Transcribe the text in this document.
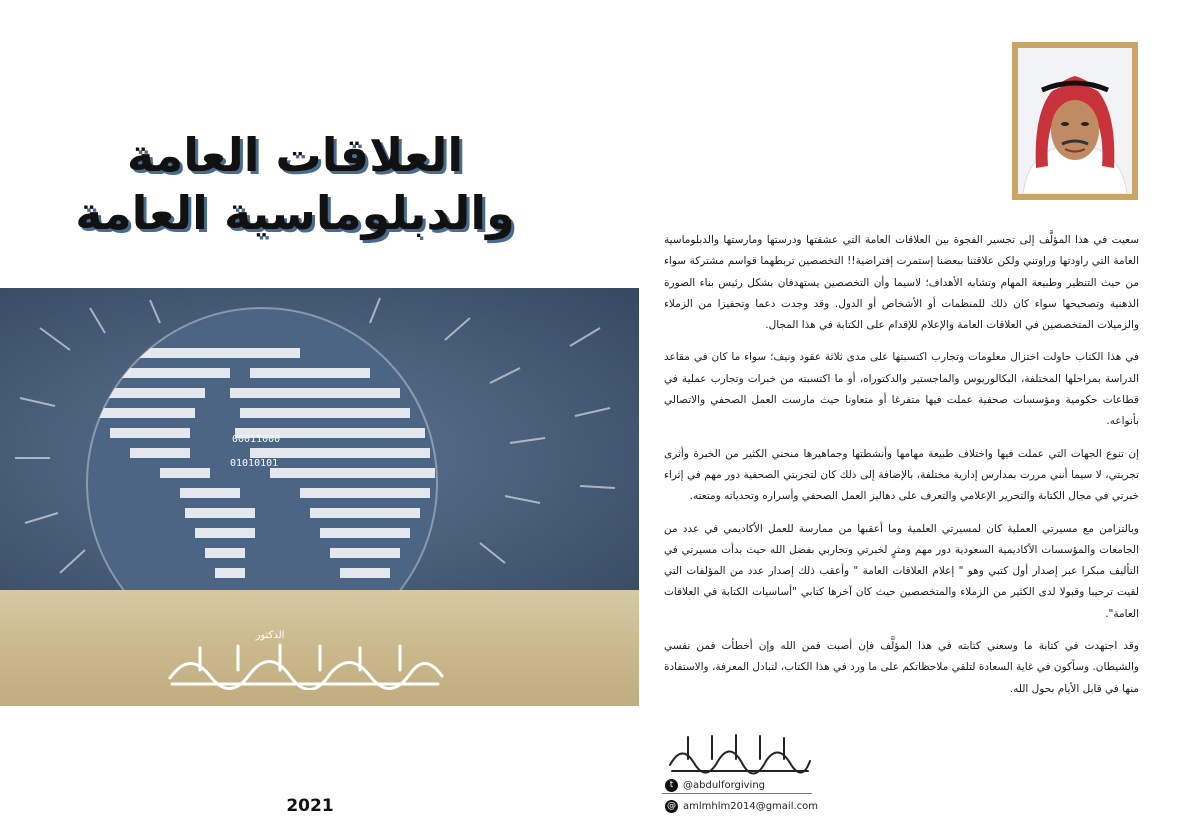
العلاقات العامة
والدبلوماسية العامة
00011000
01010101
الدكتور
2021

سعيت في هذا المؤلَّف إلى تجسير الفجوة بين العلاقات العامة التي عشقتها ودرستها ومارستها والدبلوماسية العامة التي راودتها وراوتني ولكن علاقتنا ببعضنا إستمرت إفتراضية!! التخصصين تربطهما قواسم مشتركة سواء من حيث التنظير وطبيعة المهام وتشابه الأهداف؛ لاسيما وأن التخصصين يستهدفان بشكل رئيس بناء الصورة الذهنية وتصحيحها سواء كان ذلك للمنظمات أو الأشخاص أو الدول. وقد وجدت دعما وتحفيزا من الزملاء والزميلات المتخصصين في العلاقات العامة والإعلام للإقدام على الكتابة في هذا المجال.

في هذا الكتاب حاولت اختزال معلومات وتجارب اكتسبتها على مدى ثلاثة عقود ونيف؛ سواء ما كان في مقاعد الدراسة بمراحلها المختلفة، البكالوريوس والماجستير والدكتوراه، أو ما اكتسبته من خبرات وتجارب عملية في قطاعات حكومية ومؤسسات صحفية عملت فيها متفرغا أو متعاونا حيث مارست العمل الصحفي والاتصالي بأنواعه.

إن تنوع الجهات التي عملت فيها واختلاف طبيعة مهامها وأنشطتها وجماهيرها منحني الكثير من الخبرة وأثرى تجربتي، لا سيما أنني مررت بمدارس إدارية مختلفة، بالإضافة إلى ذلك كان لتجربتي الصحفية دور مهم في إثراء خبرتي في مجال الكتابة والتحرير الإعلامي والتعرف على دهاليز العمل الصحفي وأسراره وتحدياته ومتعته.

وبالتزامن مع مسيرتي العملية كان لمسيرتي العلمية وما أعقبها من ممارسة للعمل الأكاديمي في عدد من الجامعات والمؤسسات الأكاديمية السعودية دور مهم ومثرٍ لخبرتي وتجاربي بفضل الله حيث بدأت مسيرتي في التأليف مبكرا عبر إصدار أول كتبي وهو " إعلام العلاقات العامة " وأعقب ذلك إصدار عدد من المؤلفات التي لقيت ترحيبا وقبولا لدى الكثير من الزملاء والمتخصصين حيث كان آخرها كتابي "أساسيات الكتابة في العلاقات العامة".

وقد اجتهدت في كتابة ما وسعني كتابته في هذا المؤلَّف فإن أصبت فمن الله وإن أخطأت فمن نفسي والشيطان. وسأكون في غاية السعادة لتلقي ملاحظاتكم على ما ورد في هذا الكتاب، لتبادل المعرفة، والاستفادة منها في قابل الأيام بحول الله.

t @abdulforgiving
@ amlmhlm2014@gmail.com
